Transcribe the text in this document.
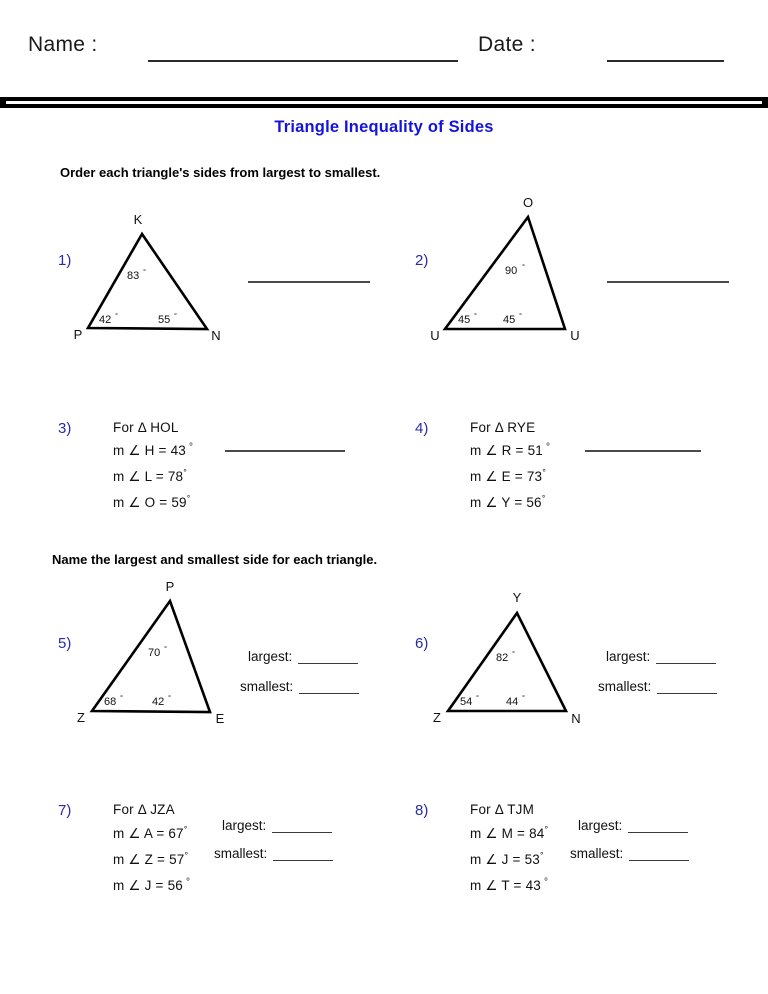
Name :	Date :
Triangle Inequality of Sides
Order each triangle's sides from largest to smallest.
1)
K
P	N
83 °
42 °	55 °
2)
O
U	U
90 °
45 ° 45 °
3)	For Δ HOL
m ∠ H = 43 °
m ∠ L = 78°
m ∠ O = 59°
4)	For Δ RYE
m ∠ R = 51 °
m ∠ E = 73°
m ∠ Y = 56°
Name the largest and smallest side for each triangle.
5)
P
Z	E
70 °
68 °	42 °
largest:
smallest:
6)
Y
Z	N
82 °
54 ° 44 °
largest:
smallest:
7)	For Δ JZA
m ∠ A = 67°
m ∠ Z = 57°
m ∠ J = 56 °
largest:
smallest:
8)	For Δ TJM
m ∠ M = 84°
m ∠ J = 53°
m ∠ T = 43 °
largest:
smallest:
